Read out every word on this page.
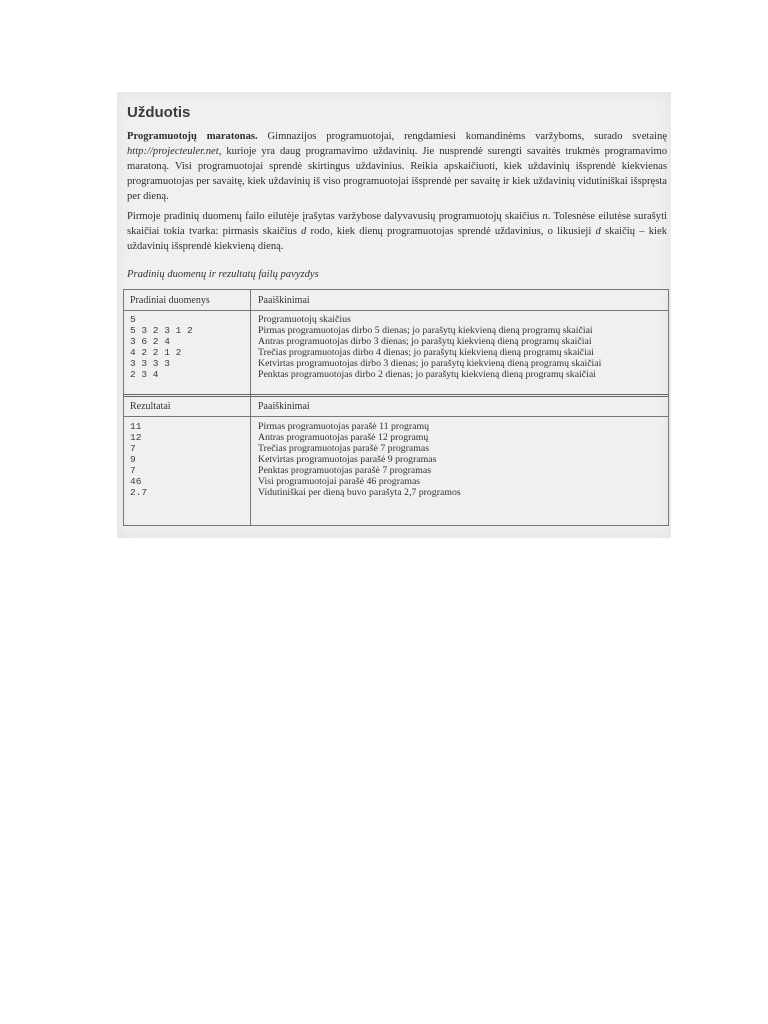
Užduotis
Programuotojų maratonas. Gimnazijos programuotojai, rengdamiesi komandinėms varžyboms, surado svetainę http://projecteuler.net, kurioje yra daug programavimo uždavinių. Jie nusprendė surengti savaitės trukmės programavimo maratoną. Visi programuotojai sprendė skirtingus uždavinius. Reikia apskaičiuoti, kiek uždavinių išsprendė kiekvienas programuotojas per savaitę, kiek uždavinių iš viso programuotojai išsprendė per savaitę ir kiek uždavinių vidutiniškai išspręsta per dieną.
Pirmoje pradinių duomenų failo eilutėje įrašytas varžybose dalyvavusių programuotojų skaičius n. Tolesnėse eilutėse surašyti skaičiai tokia tvarka: pirmasis skaičius d rodo, kiek dienų programuotojas sprendė uždavinius, o likusieji d skaičių – kiek uždavinių išsprendė kiekvieną dieną.
Pradinių duomenų ir rezultatų failų pavyzdys
Pradiniai duomenys	Paaiškinimai
5
5 3 2 3 1 2
3 6 2 4
4 2 2 1 2
3 3 3 3
2 3 4
Programuotojų skaičius
Pirmas programuotojas dirbo 5 dienas; jo parašytų kiekvieną dieną programų skaičiai
Antras programuotojas dirbo 3 dienas; jo parašytų kiekvieną dieną programų skaičiai
Trečias programuotojas dirbo 4 dienas; jo parašytų kiekvieną dieną programų skaičiai
Ketvirtas programuotojas dirbo 3 dienas; jo parašytų kiekvieną dieną programų skaičiai
Penktas programuotojas dirbo 2 dienas; jo parašytų kiekvieną dieną programų skaičiai
Rezultatai	Paaiškinimai
11
12
7
9
7
46
2.7
Pirmas programuotojas parašė 11 programų
Antras programuotojas parašė 12 programų
Trečias programuotojas parašė 7 programas
Ketvirtas programuotojas parašė 9 programas
Penktas programuotojas parašė 7 programas
Visi programuotojai parašė 46 programas
Vidutiniškai per dieną buvo parašyta 2,7 programos
